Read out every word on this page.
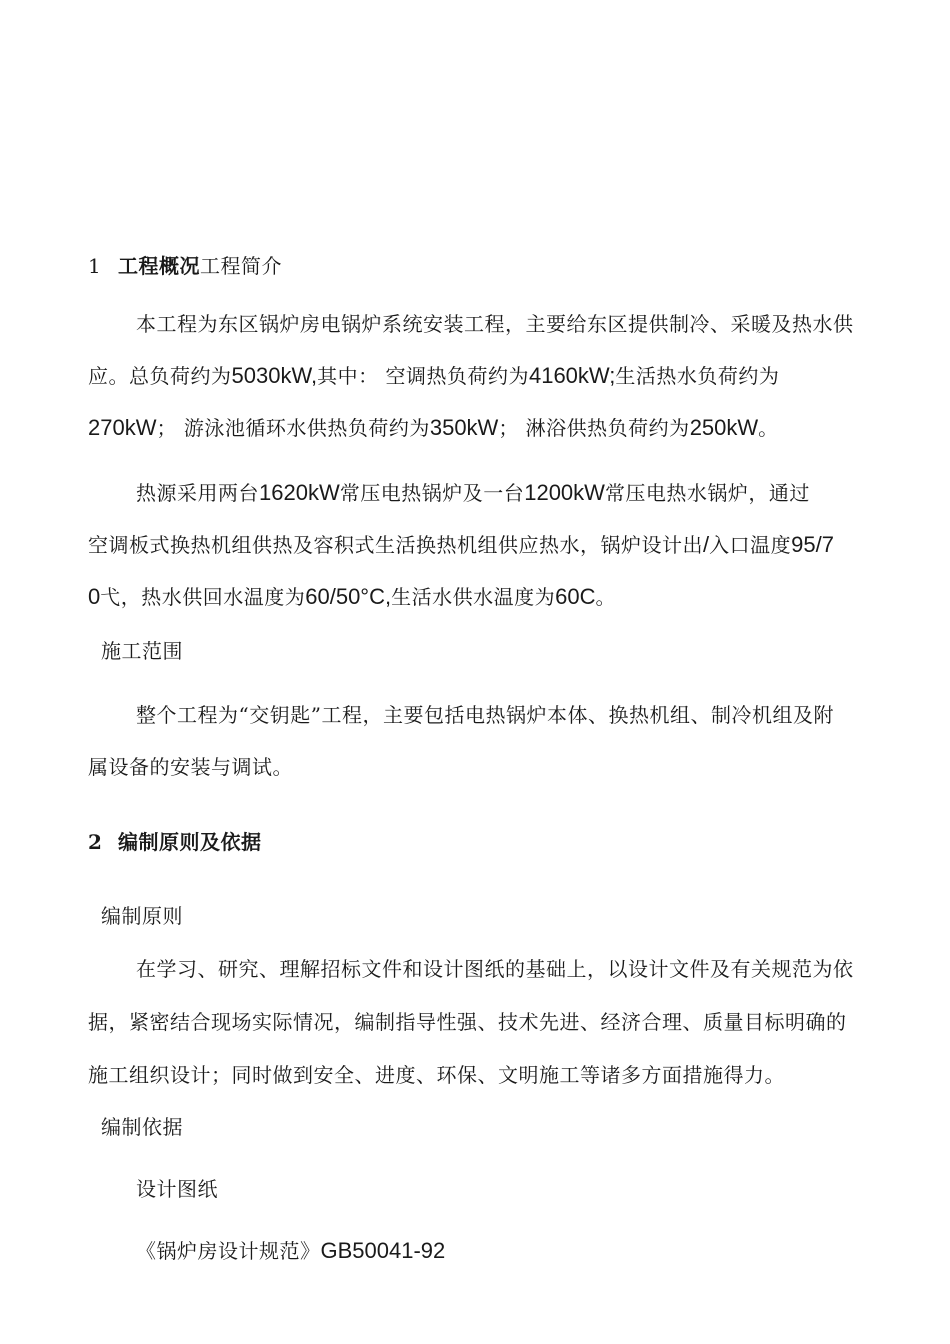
1 工程概况工程简介
本工程为东区锅炉房电锅炉系统安装工程，主要给东区提供制冷、采暖及热水供
应。总负荷约为5030kW,其中： 空调热负荷约为4160kW;生活热水负荷约为
270kW； 游泳池循环水供热负荷约为350kW； 淋浴供热负荷约为250kW。
热源采用两台1620kW常压电热锅炉及一台1200kW常压电热水锅炉，通过
空调板式换热机组供热及容积式生活换热机组供应热水，锅炉设计出/入口温度95/7
0弋，热水供回水温度为60/50°C,生活水供水温度为60C。
施工范围
整个工程为“交钥匙”工程，主要包括电热锅炉本体、换热机组、制冷机组及附
属设备的安装与调试。
2 编制原则及依据
编制原则
在学习、研究、理解招标文件和设计图纸的基础上，以设计文件及有关规范为依
据，紧密结合现场实际情况，编制指导性强、技术先进、经济合理、质量目标明确的
施工组织设计；同时做到安全、进度、环保、文明施工等诸多方面措施得力。
编制依据
设计图纸
《锅炉房设计规范》GB50041-92
